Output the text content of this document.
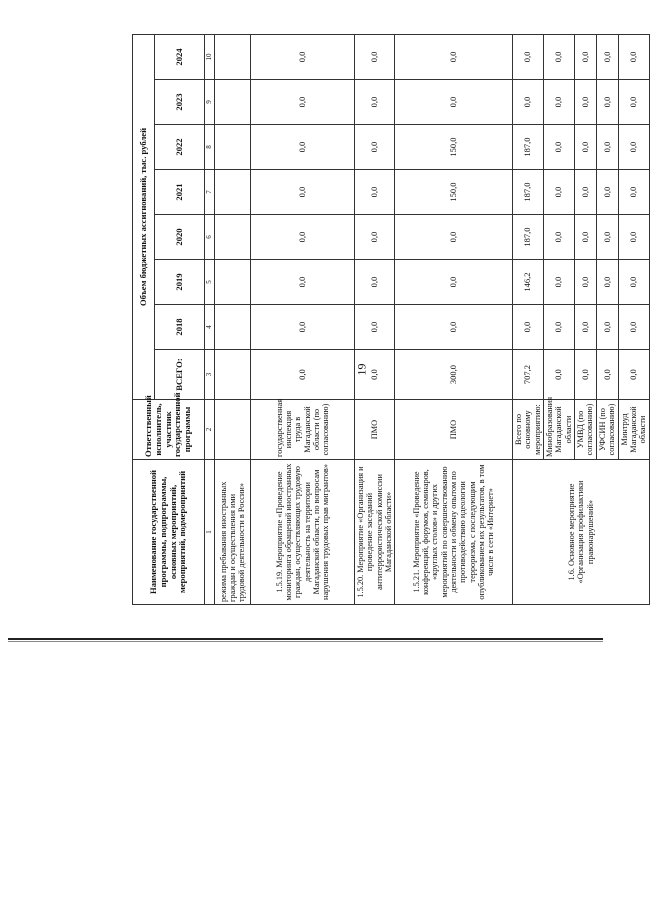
19
Наименование государственной программы, подпрограммы, основных мероприятий, мероприятий, подмероприятий	Ответственный исполнитель, участник государственной программы	Объем бюджетных ассигнований, тыс. рублей							
		ВСЕГО:	2018	2019	2020	2021	2022	2023	2024
1	2	3	4	5	6	7	8	9	10
режима пребывания иностранных граждан и осуществления ими трудовой деятельности в России»									
1.5.19. Мероприятие «Проведение мониторинга обращений иностранных граждан, осуществляющих трудовую деятельность на территории Магаданской области, по вопросам нарушения трудовых прав мигрантов»	государственная инспекция труда в Магаданской области (по согласованию)	0,0	0,0	0,0	0,0	0,0	0,0	0,0	0,0
1.5.20. Мероприятие «Организация и проведение заседаний антитеррористической комиссии Магаданской области»	ПМО	0,0	0,0	0,0	0,0	0,0	0,0	0,0	0,0
1.5.21. Мероприятие «Проведение конференций, форумов, семинаров, «круглых столов» и других мероприятий по совершенствованию деятельности и обмену опытом по противодействию идеологии терроризма, с последующим опубликованием их результатов, в том числе в сети «Интернет»	ПМО	300,0	0,0	0,0	0,0	150,0	150,0	0,0	0,0
1.6. Основное мероприятие «Организация профилактики правонарушений»	Всего по основному мероприятию:	707,2	0,0	146,2	187,0	187,0	187,0	0,0	0,0
	Минобразования Магаданской области	0,0	0,0	0,0	0,0	0,0	0,0	0,0	0,0
	УМВД (по согласованию)	0,0	0,0	0,0	0,0	0,0	0,0	0,0	0,0
	УФСИН (по согласованию)	0,0	0,0	0,0	0,0	0,0	0,0	0,0	0,0
	Минтруд Магаданской области	0,0	0,0	0,0	0,0	0,0	0,0	0,0	0,0
